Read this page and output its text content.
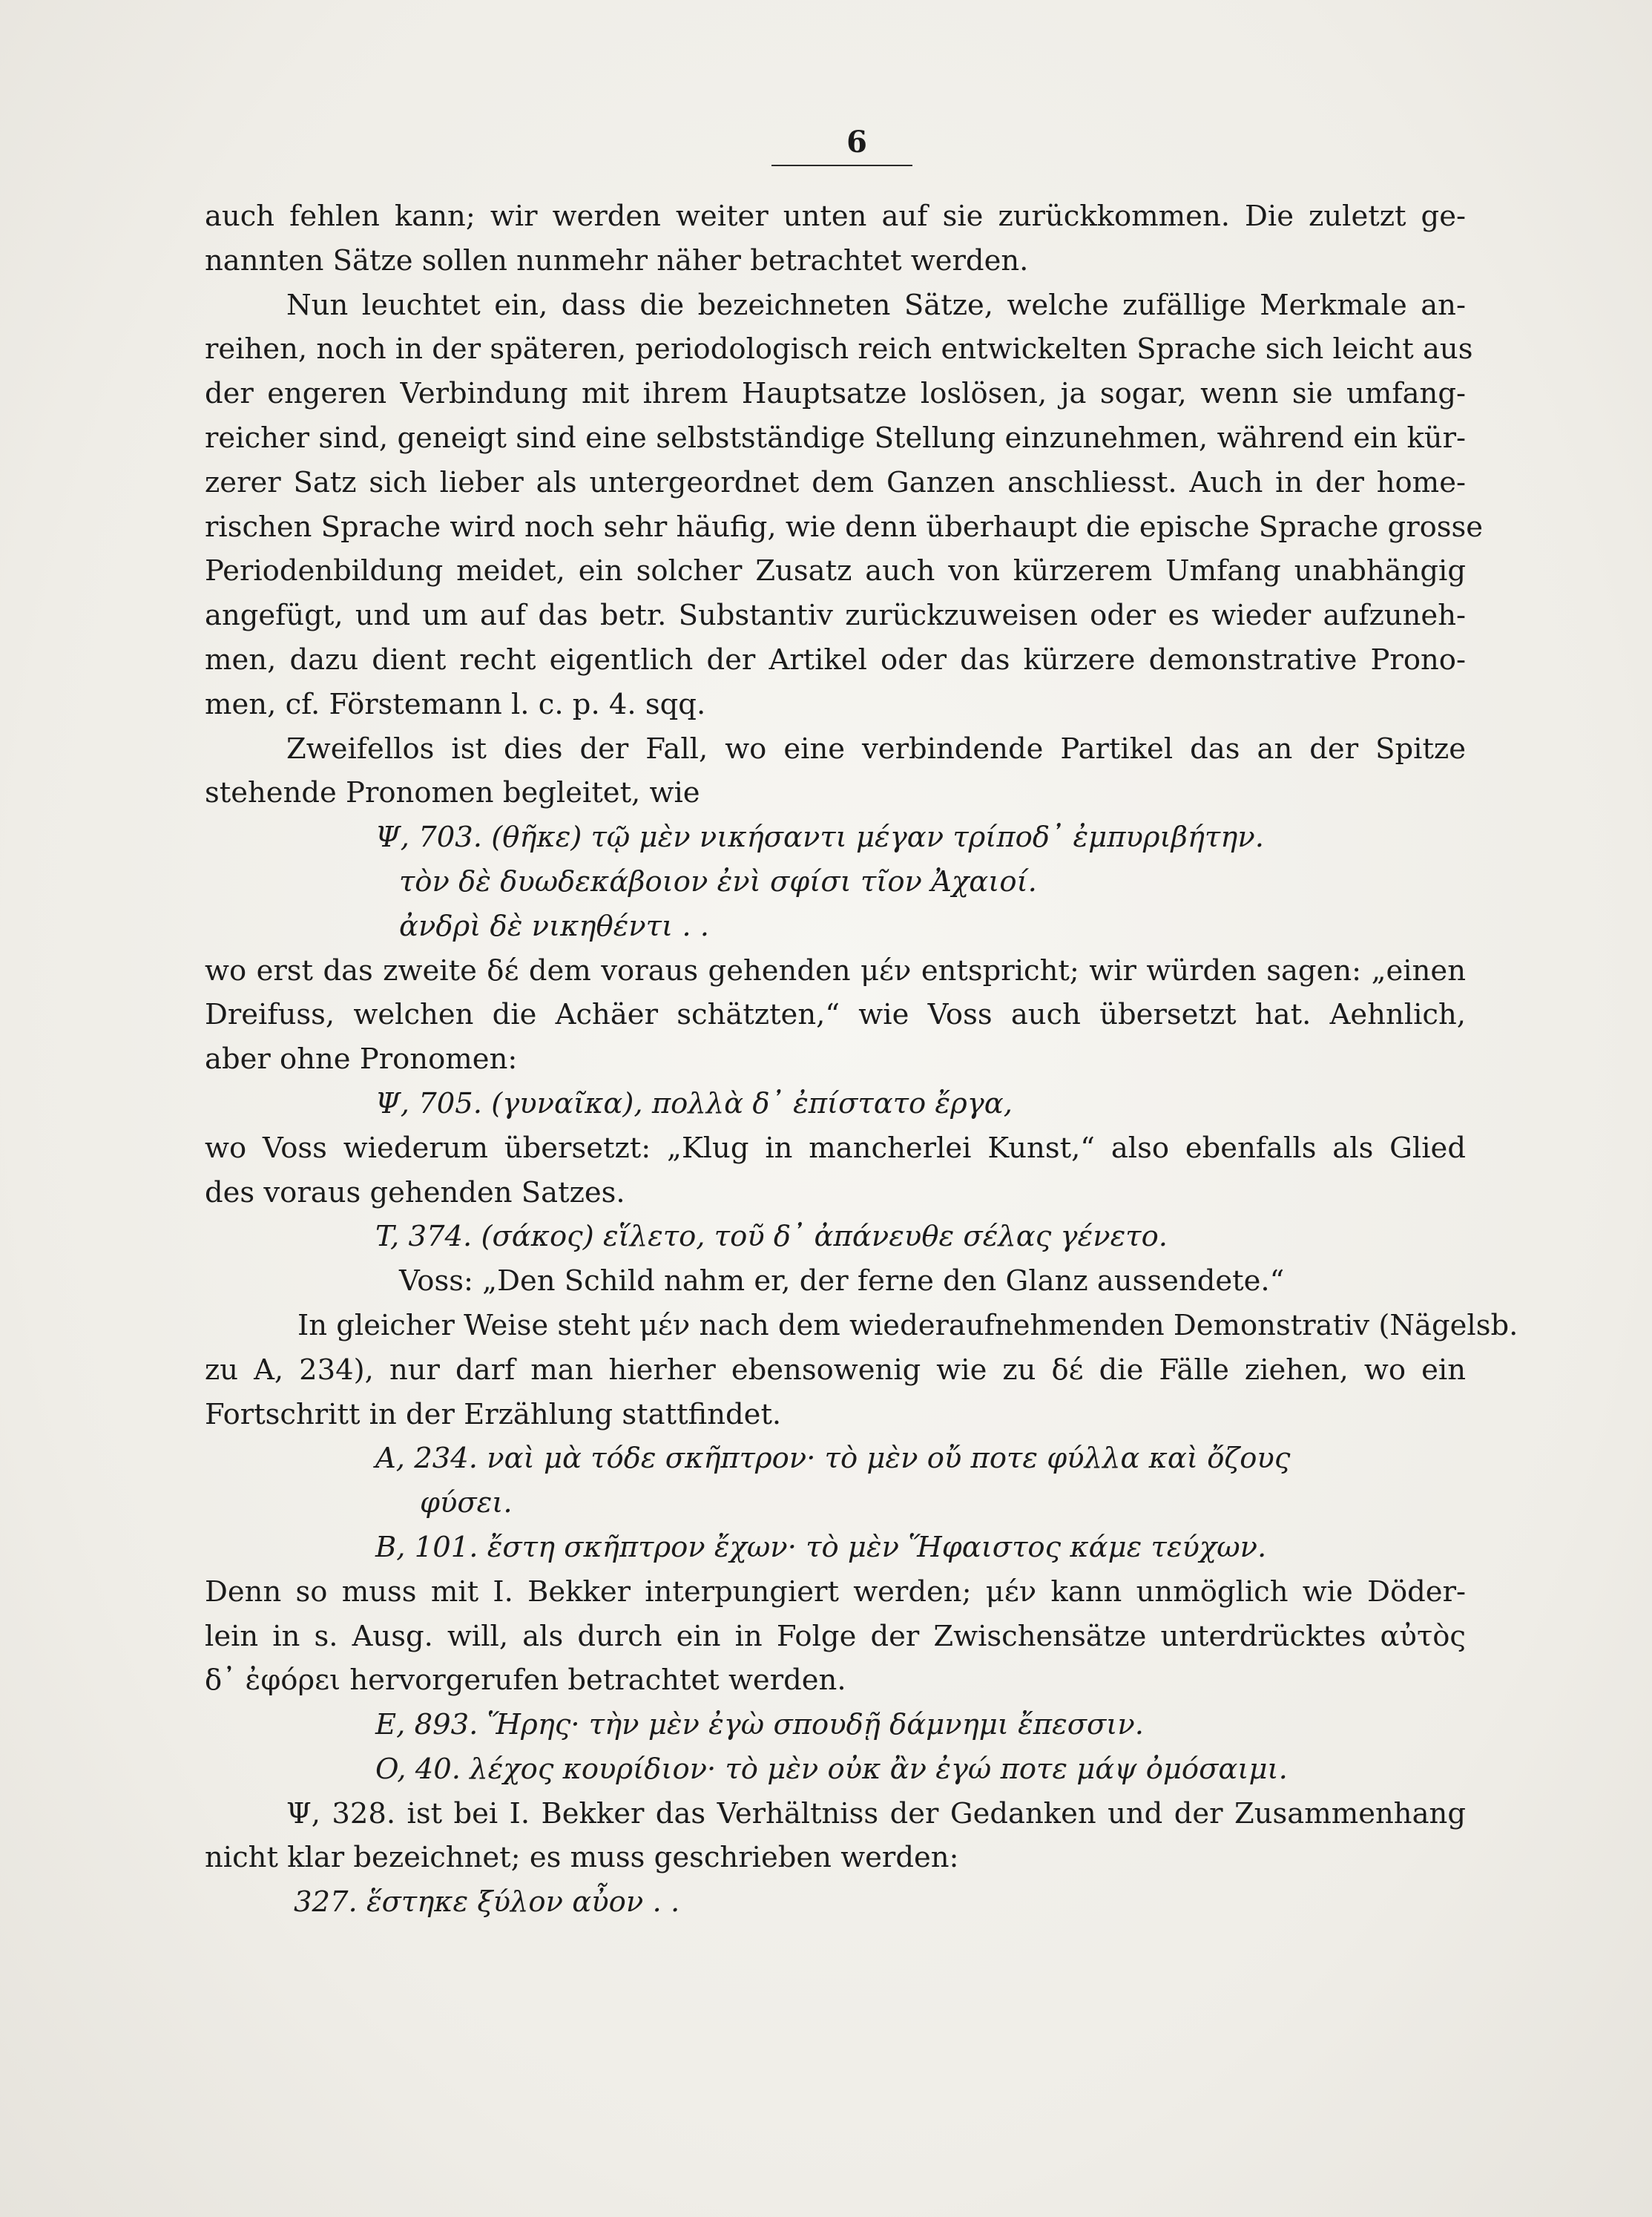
6
auch fehlen kann; wir werden weiter unten auf sie zurückkommen. Die zuletzt ge-
nannten Sätze sollen nunmehr näher betrachtet werden.
Nun leuchtet ein, dass die bezeichneten Sätze, welche zufällige Merkmale an-
reihen, noch in der späteren, periodologisch reich entwickelten Sprache sich leicht aus
der engeren Verbindung mit ihrem Hauptsatze loslösen, ja sogar, wenn sie umfang-
reicher sind, geneigt sind eine selbstständige Stellung einzunehmen, während ein kür-
zerer Satz sich lieber als untergeordnet dem Ganzen anschliesst. Auch in der home-
rischen Sprache wird noch sehr häufig, wie denn überhaupt die epische Sprache grosse
Periodenbildung meidet, ein solcher Zusatz auch von kürzerem Umfang unabhängig
angefügt, und um auf das betr. Substantiv zurückzuweisen oder es wieder aufzuneh-
men, dazu dient recht eigentlich der Artikel oder das kürzere demonstrative Prono-
men, cf. Förstemann l. c. p. 4. sqq.
Zweifellos ist dies der Fall, wo eine verbindende Partikel das an der Spitze
stehende Pronomen begleitet, wie
Ψ, 703. (θῆκε) τῷ μὲν νικήσαντι μέγαν τρίποδ᾽ ἐμπυριβήτην.
τὸν δὲ δυωδεκάβοιον ἐνὶ σφίσι τῖον Ἀχαιοί.
ἀνδρὶ δὲ νικηθέντι . .
wo erst das zweite δέ dem voraus gehenden μέν entspricht; wir würden sagen: „einen
Dreifuss, welchen die Achäer schätzten,“ wie Voss auch übersetzt hat. Aehnlich,
aber ohne Pronomen:
Ψ, 705. (γυναῖκα), πολλὰ δ᾽ ἐπίστατο ἔργα,
wo Voss wiederum übersetzt: „Klug in mancherlei Kunst,“ also ebenfalls als Glied
des voraus gehenden Satzes.
T, 374. (σάκος) εἵλετο, τοῦ δ᾽ ἀπάνευθε σέλας γένετο.
Voss: „Den Schild nahm er, der ferne den Glanz aussendete.“
In gleicher Weise steht μέν nach dem wiederaufnehmenden Demonstrativ (Nägelsb.
zu A, 234), nur darf man hierher ebensowenig wie zu δέ die Fälle ziehen, wo ein
Fortschritt in der Erzählung stattfindet.
A, 234. ναὶ μὰ τόδε σκῆπτρον· τὸ μὲν οὔ ποτε φύλλα καὶ ὄζους
φύσει.
B, 101. ἔστη σκῆπτρον ἔχων· τὸ μὲν Ἥφαιστος κάμε τεύχων.
Denn so muss mit I. Bekker interpungiert werden; μέν kann unmöglich wie Döder-
lein in s. Ausg. will, als durch ein in Folge der Zwischensätze unterdrücktes αὐτὸς
δ᾽ ἐφόρει hervorgerufen betrachtet werden.
E, 893. Ἥρης· τὴν μὲν ἐγὼ σπουδῇ δάμνημι ἔπεσσιν.
O, 40. λέχος κουρίδιον· τὸ μὲν οὐκ ἂν ἐγώ ποτε μάψ ὀμόσαιμι.
Ψ, 328. ist bei I. Bekker das Verhältniss der Gedanken und der Zusammenhang
nicht klar bezeichnet; es muss geschrieben werden:
327. ἕστηκε ξύλον αὖον . .
